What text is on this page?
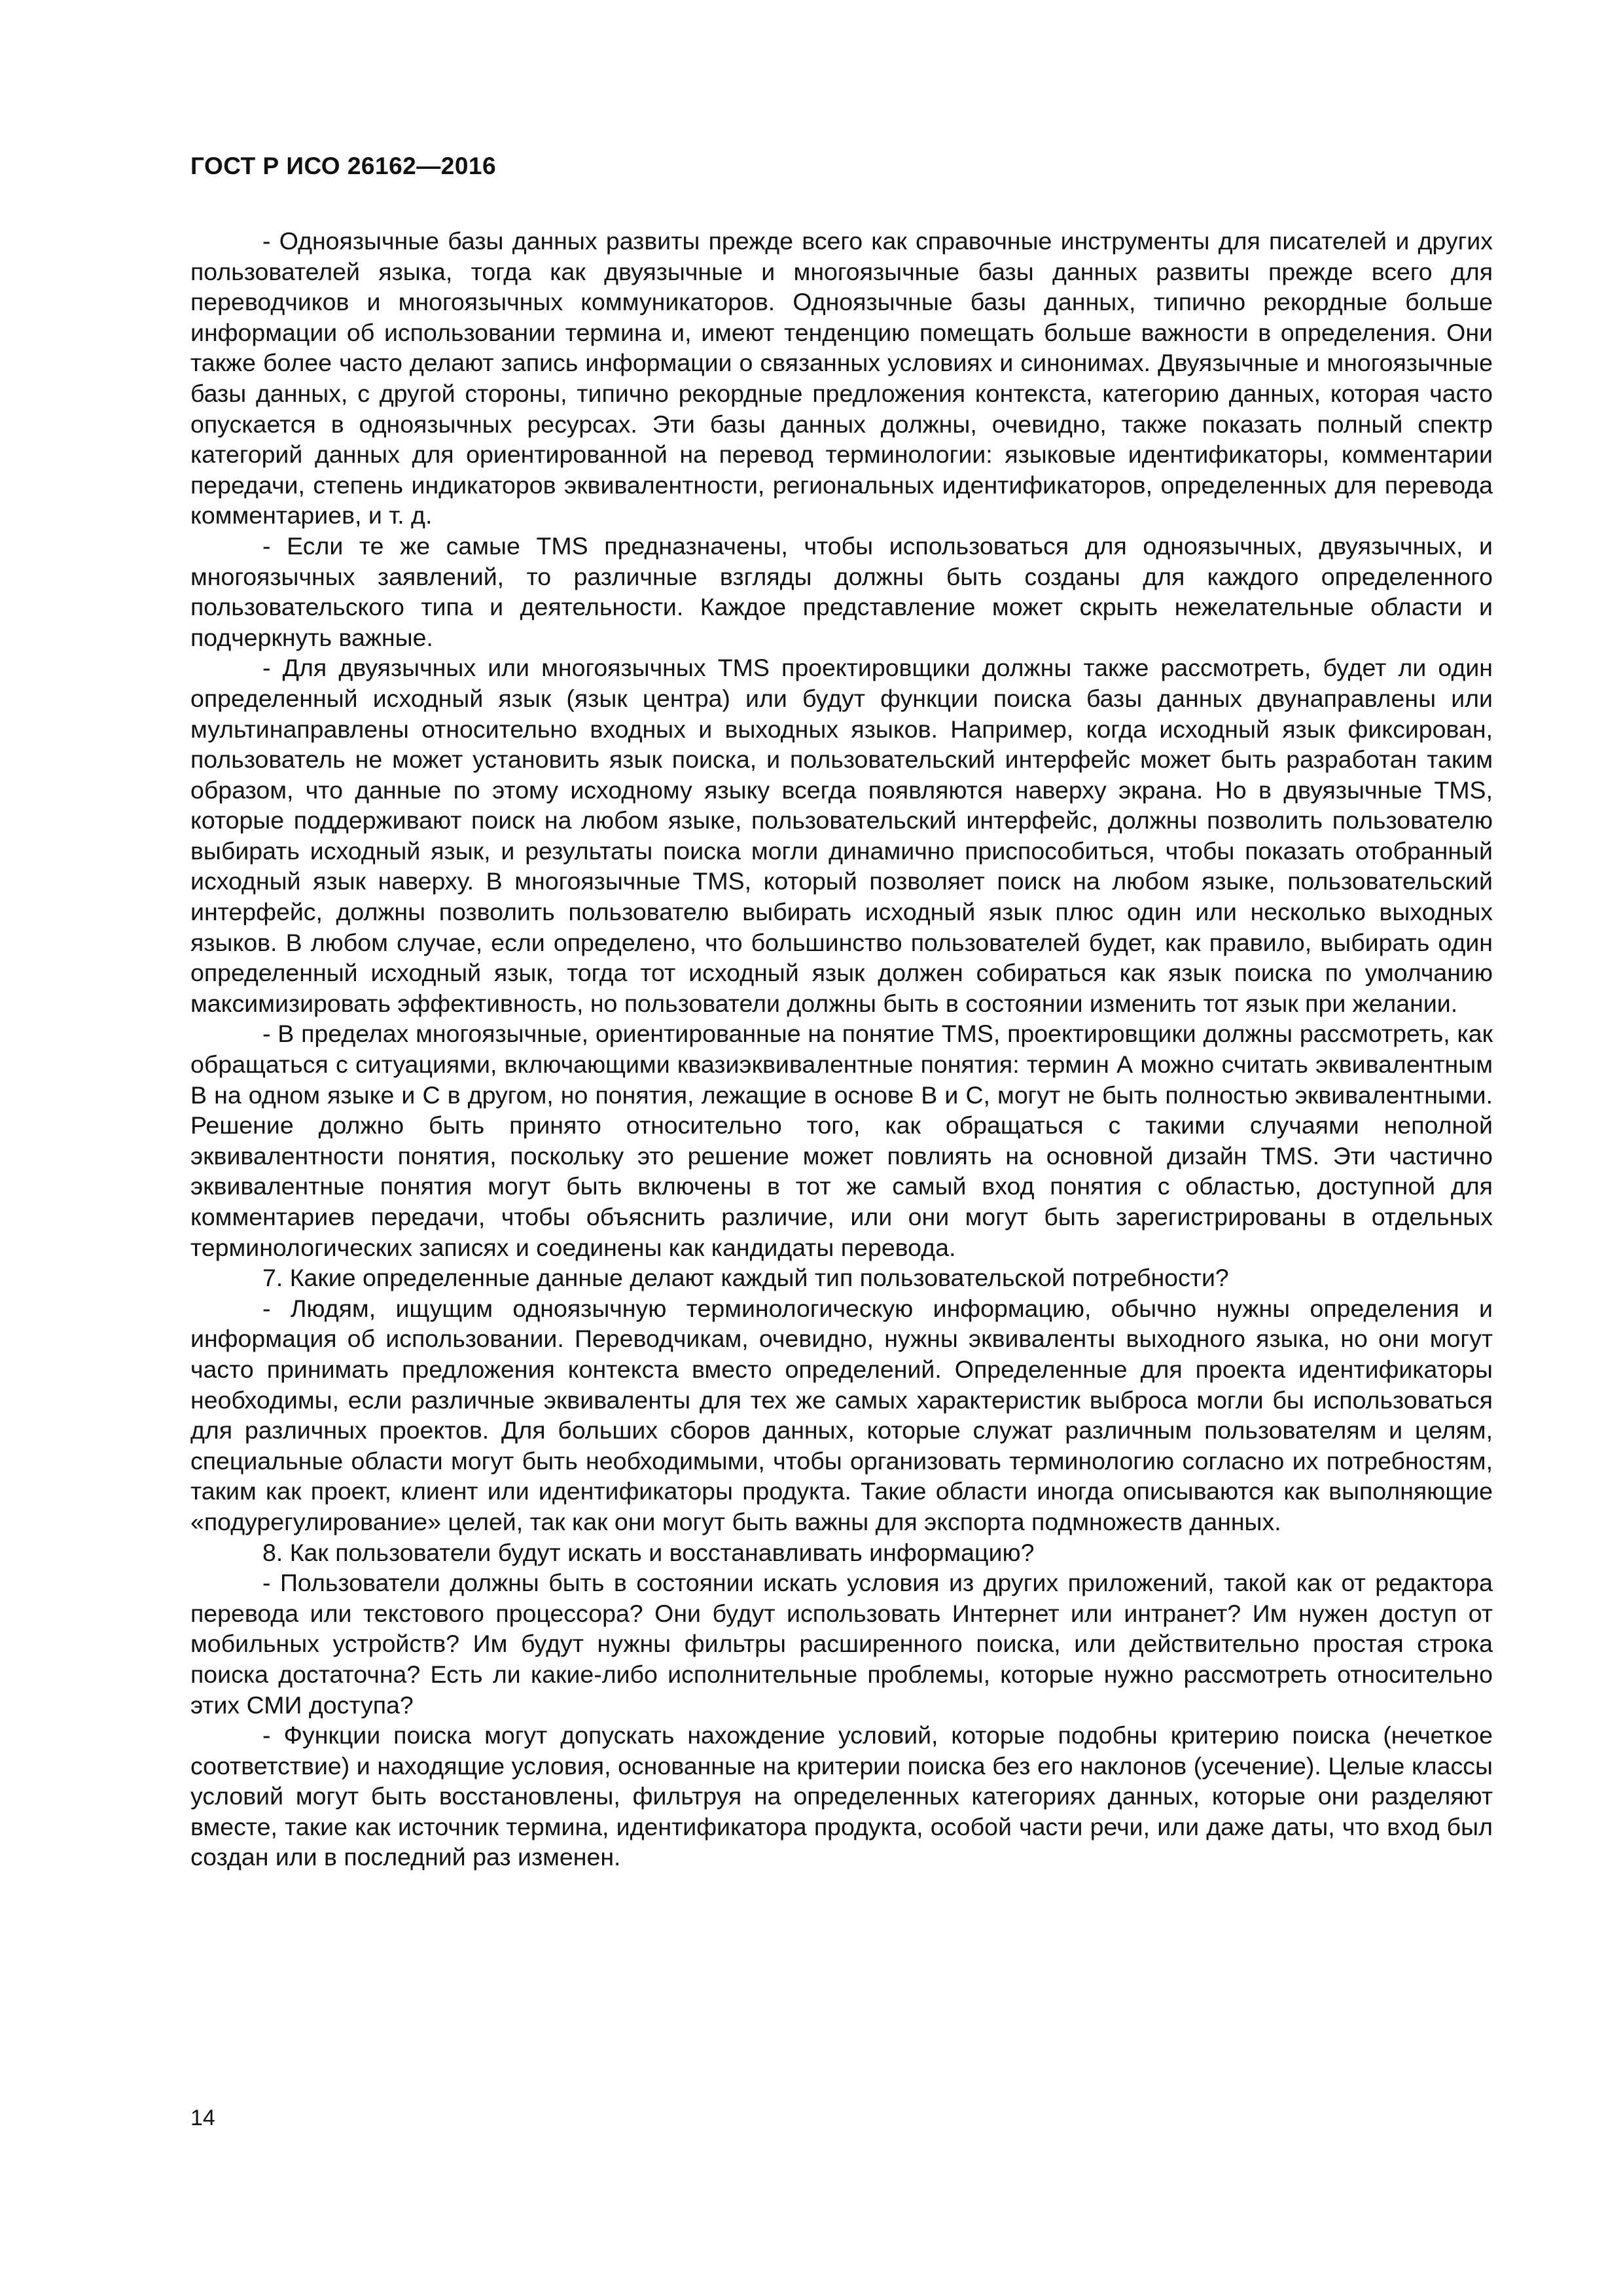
ГОСТ Р ИСО 26162—2016

- Одноязычные базы данных развиты прежде всего как справочные инструменты для писателей и других пользователей языка, тогда как двуязычные и многоязычные базы данных развиты прежде всего для переводчиков и многоязычных коммуникаторов. Одноязычные базы данных, типично рекордные больше информации об использовании термина и, имеют тенденцию помещать больше важности в определения. Они также более часто делают запись информации о связанных условиях и синонимах. Двуязычные и многоязычные базы данных, с другой стороны, типично рекордные предложения контекста, категорию данных, которая часто опускается в одноязычных ресурсах. Эти базы данных должны, очевидно, также показать полный спектр категорий данных для ориентированной на перевод терминологии: языковые идентификаторы, комментарии передачи, степень индикаторов эквивалентности, региональных идентификаторов, определенных для перевода комментариев, и т. д.

- Если те же самые TMS предназначены, чтобы использоваться для одноязычных, двуязычных, и многоязычных заявлений, то различные взгляды должны быть созданы для каждого определенного пользовательского типа и деятельности. Каждое представление может скрыть нежелательные области и подчеркнуть важные.

- Для двуязычных или многоязычных TMS проектировщики должны также рассмотреть, будет ли один определенный исходный язык (язык центра) или будут функции поиска базы данных двунаправлены или мультинаправлены относительно входных и выходных языков. Например, когда исходный язык фиксирован, пользователь не может установить язык поиска, и пользовательский интерфейс может быть разработан таким образом, что данные по этому исходному языку всегда появляются наверху экрана. Но в двуязычные TMS, которые поддерживают поиск на любом языке, пользовательский интерфейс, должны позволить пользователю выбирать исходный язык, и результаты поиска могли динамично приспособиться, чтобы показать отобранный исходный язык наверху. В многоязычные TMS, который позволяет поиск на любом языке, пользовательский интерфейс, должны позволить пользователю выбирать исходный язык плюс один или несколько выходных языков. В любом случае, если определено, что большинство пользователей будет, как правило, выбирать один определенный исходный язык, тогда тот исходный язык должен собираться как язык поиска по умолчанию максимизировать эффективность, но пользователи должны быть в состоянии изменить тот язык при желании.

- В пределах многоязычные, ориентированные на понятие TMS, проектировщики должны рассмотреть, как обращаться с ситуациями, включающими квазиэквивалентные понятия: термин А можно считать эквивалентным В на одном языке и С в другом, но понятия, лежащие в основе В и С, могут не быть полностью эквивалентными. Решение должно быть принято относительно того, как обращаться с такими случаями неполной эквивалентности понятия, поскольку это решение может повлиять на основной дизайн TMS. Эти частично эквивалентные понятия могут быть включены в тот же самый вход понятия с областью, доступной для комментариев передачи, чтобы объяснить различие, или они могут быть зарегистрированы в отдельных терминологических записях и соединены как кандидаты перевода.

7. Какие определенные данные делают каждый тип пользовательской потребности?

- Людям, ищущим одноязычную терминологическую информацию, обычно нужны определения и информация об использовании. Переводчикам, очевидно, нужны эквиваленты выходного языка, но они могут часто принимать предложения контекста вместо определений. Определенные для проекта идентификаторы необходимы, если различные эквиваленты для тех же самых характеристик выброса могли бы использоваться для различных проектов. Для больших сборов данных, которые служат различным пользователям и целям, специальные области могут быть необходимыми, чтобы организовать терминологию согласно их потребностям, таким как проект, клиент или идентификаторы продукта. Такие области иногда описываются как выполняющие «подурегулирование» целей, так как они могут быть важны для экспорта подмножеств данных.

8. Как пользователи будут искать и восстанавливать информацию?

- Пользователи должны быть в состоянии искать условия из других приложений, такой как от редактора перевода или текстового процессора? Они будут использовать Интернет или интранет? Им нужен доступ от мобильных устройств? Им будут нужны фильтры расширенного поиска, или действительно простая строка поиска достаточна? Есть ли какие-либо исполнительные проблемы, которые нужно рассмотреть относительно этих СМИ доступа?

- Функции поиска могут допускать нахождение условий, которые подобны критерию поиска (нечеткое соответствие) и находящие условия, основанные на критерии поиска без его наклонов (усечение). Целые классы условий могут быть восстановлены, фильтруя на определенных категориях данных, которые они разделяют вместе, такие как источник термина, идентификатора продукта, особой части речи, или даже даты, что вход был создан или в последний раз изменен.

14
